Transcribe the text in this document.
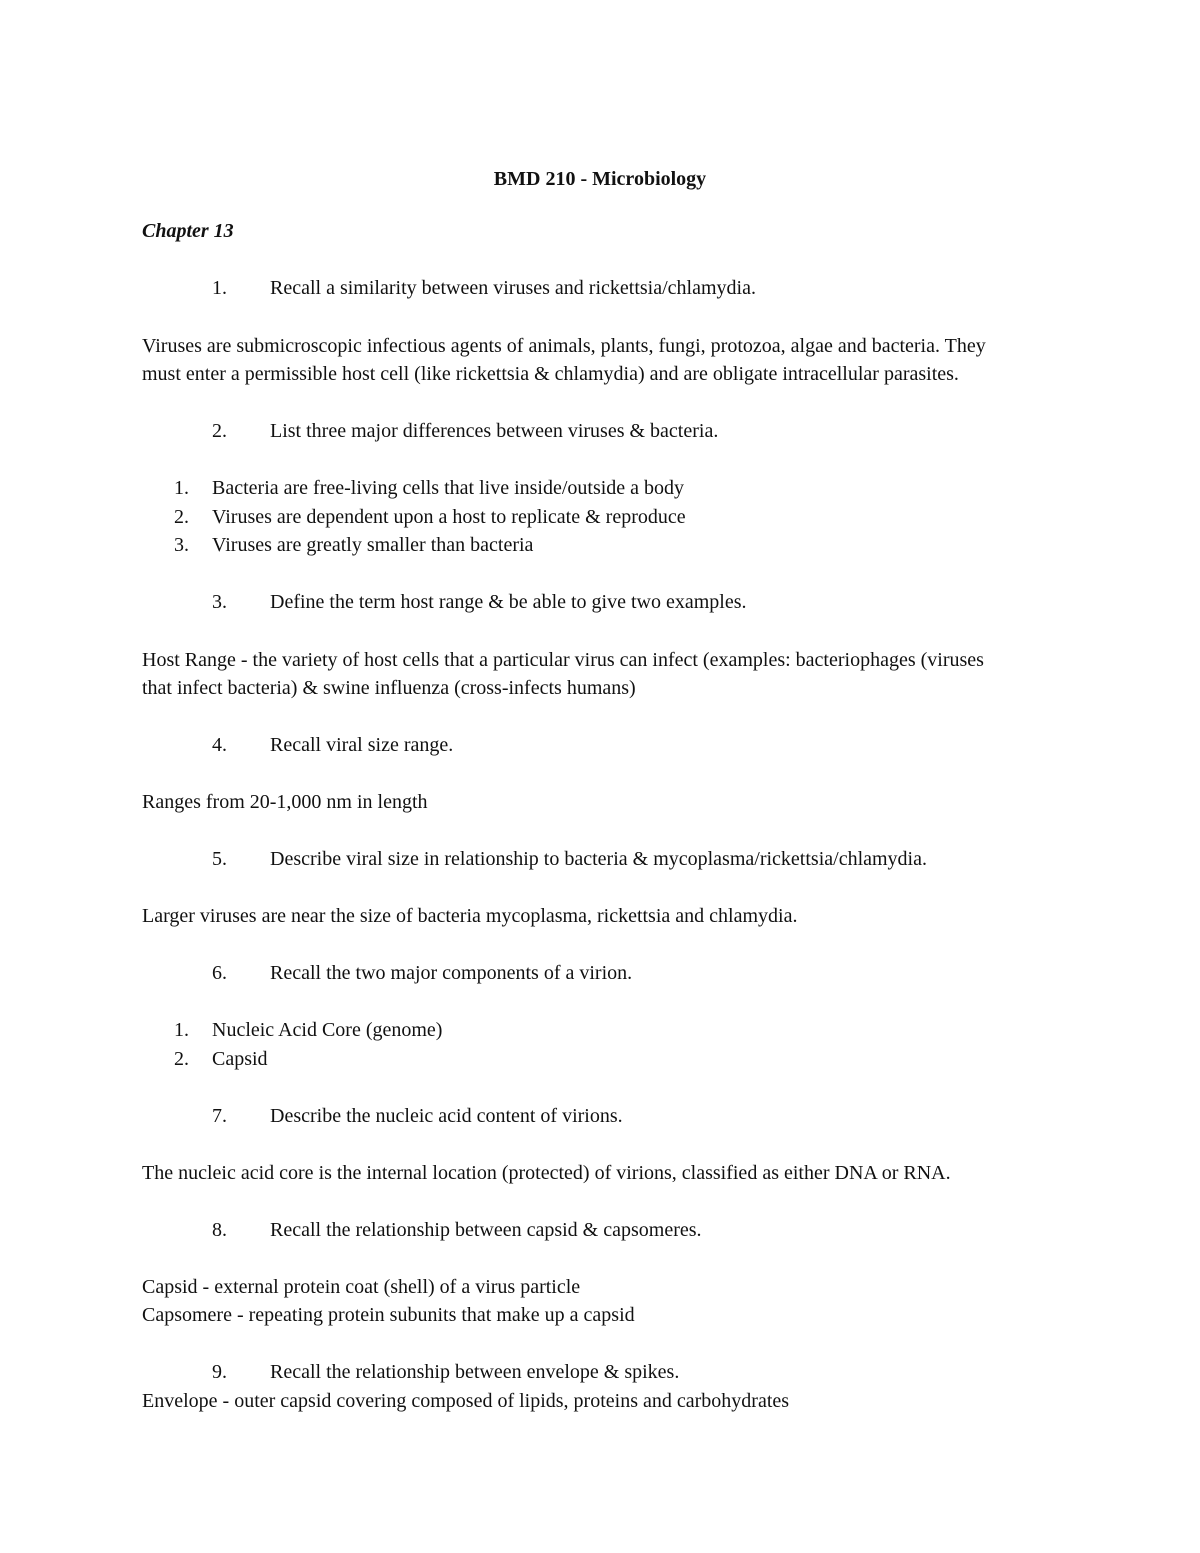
BMD 210 - Microbiology
Chapter 13
1. Recall a similarity between viruses and rickettsia/chlamydia.
Viruses are submicroscopic infectious agents of animals, plants, fungi, protozoa, algae and bacteria. They
must enter a permissible host cell (like rickettsia & chlamydia) and are obligate intracellular parasites.
2. List three major differences between viruses & bacteria.
1. Bacteria are free-living cells that live inside/outside a body
2. Viruses are dependent upon a host to replicate & reproduce
3. Viruses are greatly smaller than bacteria
3. Define the term host range & be able to give two examples.
Host Range - the variety of host cells that a particular virus can infect (examples: bacteriophages (viruses
that infect bacteria) & swine influenza (cross-infects humans)
4. Recall viral size range.
Ranges from 20-1,000 nm in length
5. Describe viral size in relationship to bacteria & mycoplasma/rickettsia/chlamydia.
Larger viruses are near the size of bacteria mycoplasma, rickettsia and chlamydia.
6. Recall the two major components of a virion.
1. Nucleic Acid Core (genome)
2. Capsid
7. Describe the nucleic acid content of virions.
The nucleic acid core is the internal location (protected) of virions, classified as either DNA or RNA.
8. Recall the relationship between capsid & capsomeres.
Capsid - external protein coat (shell) of a virus particle
Capsomere - repeating protein subunits that make up a capsid
9. Recall the relationship between envelope & spikes.
Envelope - outer capsid covering composed of lipids, proteins and carbohydrates
